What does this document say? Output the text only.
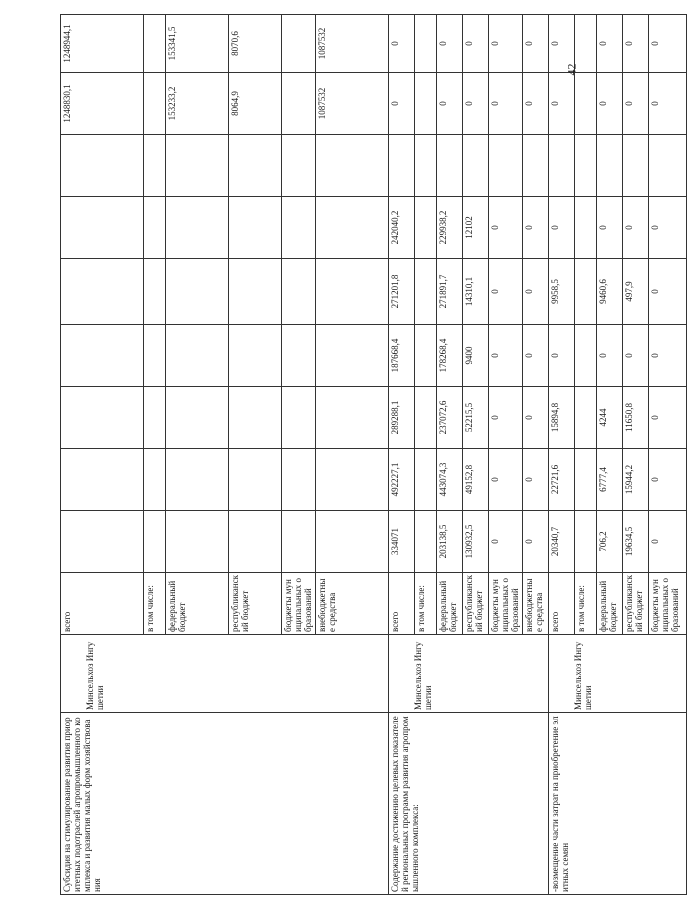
Субсидия на стимулирование развития приоритетных подотраслей агропромышленного комплекса и развития малых форм хозяйствования	Минсельхоз Ингушетии	всего								1248830,1	1248944,1	
		в том числе:										
		федеральный бюджет								153233,2	153341,5	
		республиканский бюджет								8064,9	8070,6	
		бюджеты муниципальных образований										
		внебюджетные средства								1087532	1087532	
Содержание достижению целевых показателей региональных программ развития агропромышленного комплекса:	Минсельхоз Ингушетии	всего	334071	492227,1	289288,1	187668,4	271201,8	242040,2		0	0	
		в том числе:										
		федеральный бюджет	203138,5	443074,3	237072,6	178268,4	271891,7	229938,2		0	0	
		республиканский бюджет	130932,5	49152,8	52215,5	9400	14310,1	12102		0	0	
		бюджеты муниципальных образований	0	0	0	0	0	0		0	0	
		внебюджетные средства	0	0	0	0	0	0		0	0	
-возмещение части затрат на приобретение элитных семян	Минсельхоз Ингушетии	всего	20340,7	22721,6	15894,8	0	9958,5	0		0	0	
		в том числе:										
		федеральный бюджет	706,2	6777,4	4244	0	9460,6	0		0	0	
		республиканский бюджет	19634,5	15944,2	11650,8	0	497,9	0		0	0	
		бюджеты муниципальных образований	0	0	0	0	0	0		0	0	
42
